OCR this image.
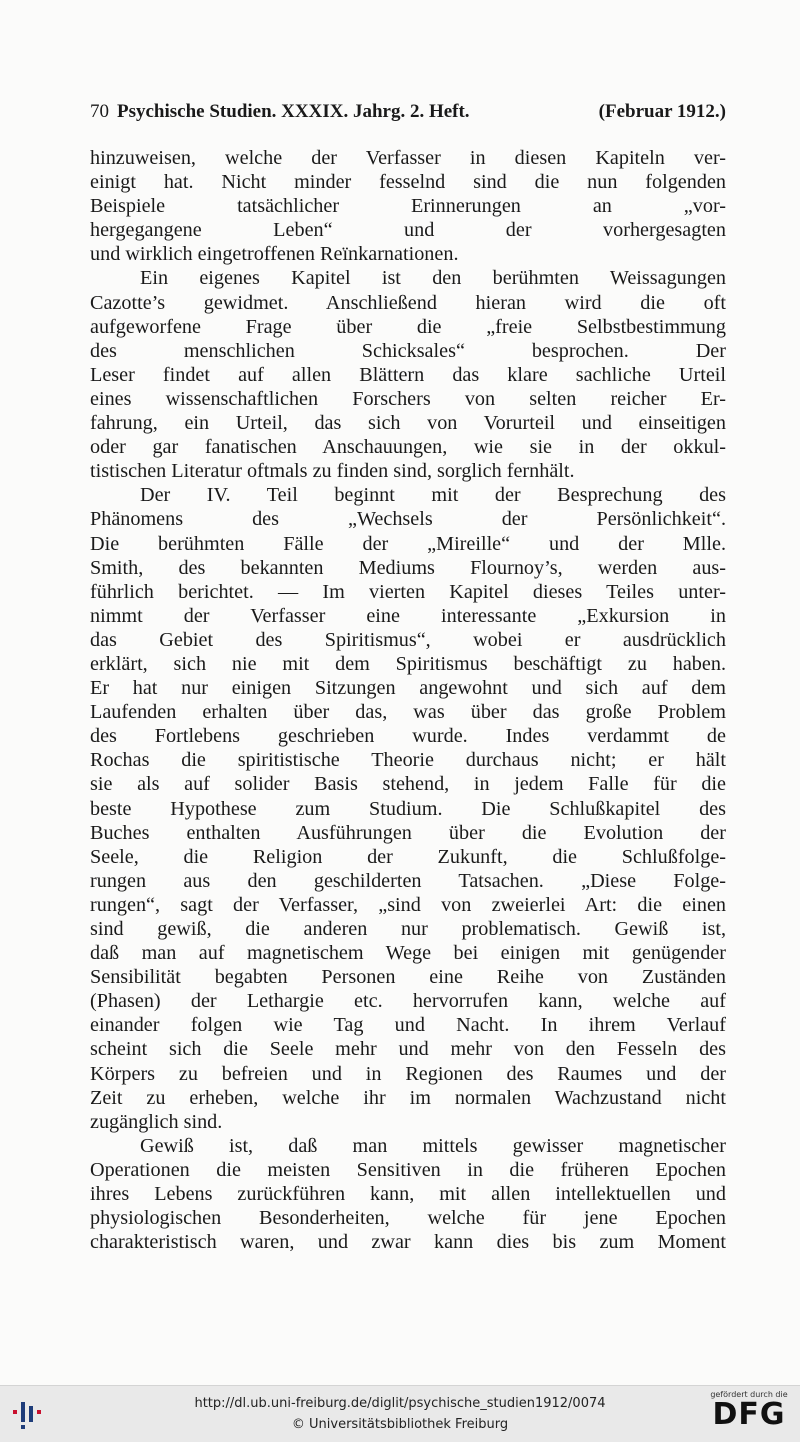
70 Psychische Studien. XXXIX. Jahrg. 2. Heft.	(Februar 1912.)
hinzuweisen, welche der Verfasser in diesen Kapiteln ver-
einigt hat. Nicht minder fesselnd sind die nun folgenden
Beispiele tatsächlicher Erinnerungen an „vor-
hergegangene Leben“ und der vorhergesagten
und wirklich eingetroffenen Reïnkarnationen.
Ein eigenes Kapitel ist den berühmten Weissagungen
Cazotte’s gewidmet. Anschließend hieran wird die oft
aufgeworfene Frage über die „freie Selbstbestimmung
des menschlichen Schicksales“ besprochen. Der
Leser findet auf allen Blättern das klare sachliche Urteil
eines wissenschaftlichen Forschers von selten reicher Er-
fahrung, ein Urteil, das sich von Vorurteil und einseitigen
oder gar fanatischen Anschauungen, wie sie in der okkul-
tistischen Literatur oftmals zu finden sind, sorglich fernhält.
Der IV. Teil beginnt mit der Besprechung des
Phänomens des „Wechsels der Persönlichkeit“.
Die berühmten Fälle der „Mireille“ und der Mlle.
Smith, des bekannten Mediums Flournoy’s, werden aus-
führlich berichtet. — Im vierten Kapitel dieses Teiles unter-
nimmt der Verfasser eine interessante „Exkursion in
das Gebiet des Spiritismus“, wobei er ausdrücklich
erklärt, sich nie mit dem Spiritismus beschäftigt zu haben.
Er hat nur einigen Sitzungen angewohnt und sich auf dem
Laufenden erhalten über das, was über das große Problem
des Fortlebens geschrieben wurde. Indes verdammt de
Rochas die spiritistische Theorie durchaus nicht; er hält
sie als auf solider Basis stehend, in jedem Falle für die
beste Hypothese zum Studium. Die Schlußkapitel des
Buches enthalten Ausführungen über die Evolution der
Seele, die Religion der Zukunft, die Schlußfolge-
rungen aus den geschilderten Tatsachen. „Diese Folge-
rungen“, sagt der Verfasser, „sind von zweierlei Art: die einen
sind gewiß, die anderen nur problematisch. Gewiß ist,
daß man auf magnetischem Wege bei einigen mit genügender
Sensibilität begabten Personen eine Reihe von Zuständen
(Phasen) der Lethargie etc. hervorrufen kann, welche auf
einander folgen wie Tag und Nacht. In ihrem Verlauf
scheint sich die Seele mehr und mehr von den Fesseln des
Körpers zu befreien und in Regionen des Raumes und der
Zeit zu erheben, welche ihr im normalen Wachzustand nicht
zugänglich sind.
Gewiß ist, daß man mittels gewisser magnetischer
Operationen die meisten Sensitiven in die früheren Epochen
ihres Lebens zurückführen kann, mit allen intellektuellen und
physiologischen Besonderheiten, welche für jene Epochen
charakteristisch waren, und zwar kann dies bis zum Moment
http://dl.ub.uni-freiburg.de/diglit/psychische_studien1912/0074
© Universitätsbibliothek Freiburg
gefördert durch die
DFG
